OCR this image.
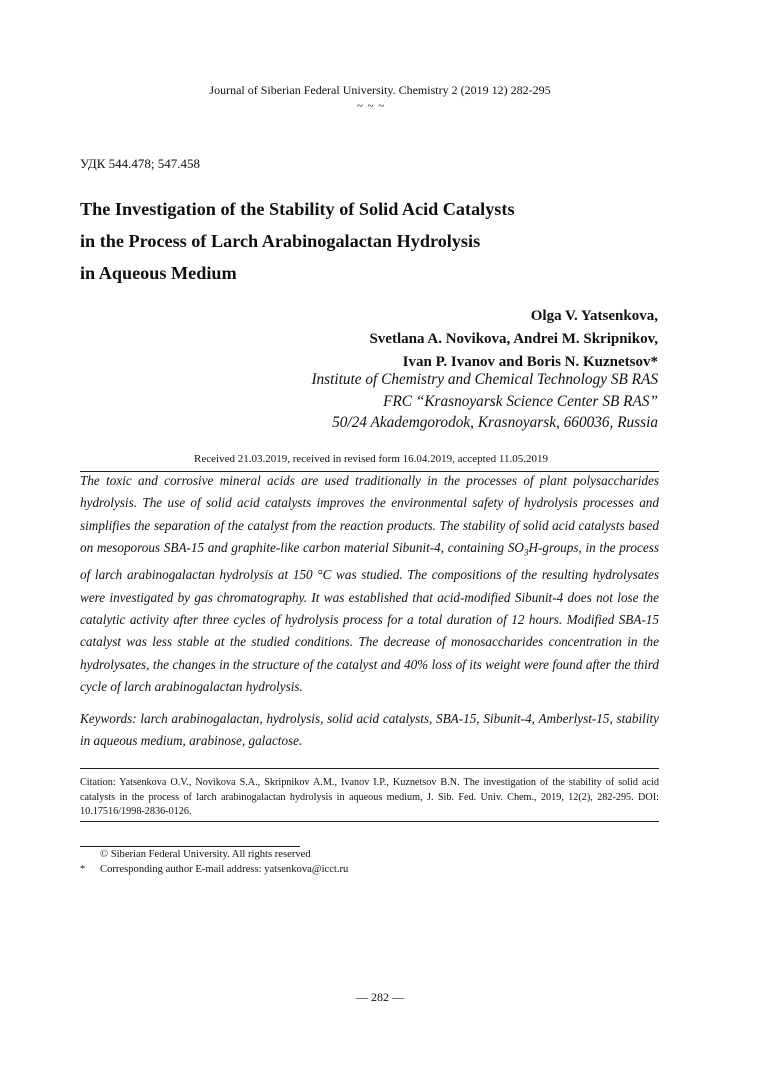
Journal of Siberian Federal University. Chemistry 2 (2019 12) 282-295
~ ~ ~
УДК 544.478; 547.458
The Investigation of the Stability of Solid Acid Catalysts
in the Process of Larch Arabinogalactan Hydrolysis
in Aqueous Medium
Olga V. Yatsenkova,
Svetlana A. Novikova, Andrei M. Skripnikov,
Ivan P. Ivanov and Boris N. Kuznetsov*
Institute of Chemistry and Chemical Technology SB RAS
FRC “Krasnoyarsk Science Center SB RAS”
50/24 Akademgorodok, Krasnoyarsk, 660036, Russia
Received 21.03.2019, received in revised form 16.04.2019, accepted 11.05.2019
The toxic and corrosive mineral acids are used traditionally in the processes of plant polysaccharides hydrolysis. The use of solid acid catalysts improves the environmental safety of hydrolysis processes and simplifies the separation of the catalyst from the reaction products. The stability of solid acid catalysts based on mesoporous SBA-15 and graphite-like carbon material Sibunit-4, containing $SO_3H$-groups, in the process of larch arabinogalactan hydrolysis at 150 °C was studied. The compositions of the resulting hydrolysates were investigated by gas chromatography. It was established that acid-modified Sibunit-4 does not lose the catalytic activity after three cycles of hydrolysis process for a total duration of 12 hours. Modified SBA-15 catalyst was less stable at the studied conditions. The decrease of monosaccharides concentration in the hydrolysates, the changes in the structure of the catalyst and 40% loss of its weight were found after the third cycle of larch arabinogalactan hydrolysis.
Keywords: larch arabinogalactan, hydrolysis, solid acid catalysts, SBA-15, Sibunit-4, Amberlyst-15, stability in aqueous medium, arabinose, galactose.
Citation: Yatsenkova O.V., Novikova S.A., Skripnikov A.M., Ivanov I.P., Kuznetsov B.N. The investigation of the stability of solid acid catalysts in the process of larch arabinogalactan hydrolysis in aqueous medium, J. Sib. Fed. Univ. Chem., 2019, 12(2), 282-295. DOI: 10.17516/1998-2836-0126.
© Siberian Federal University. All rights reserved
* Corresponding author E-mail address: yatsenkova@icct.ru
— 282 —
